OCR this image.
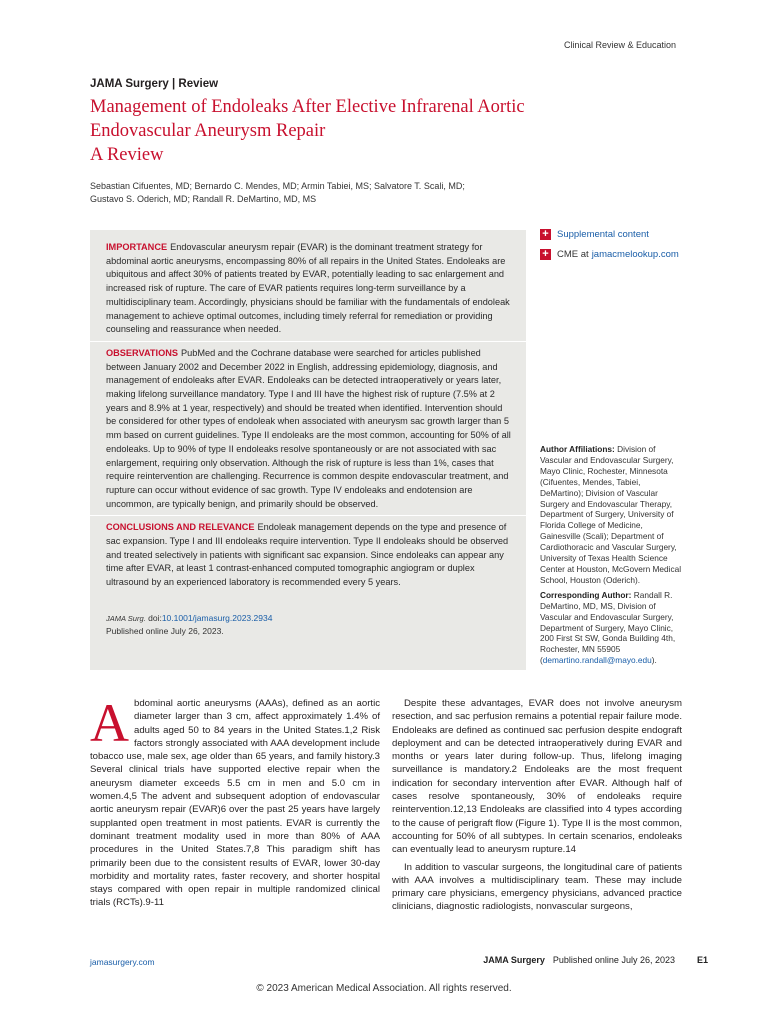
Clinical Review & Education
JAMA Surgery | Review
Management of Endoleaks After Elective Infrarenal Aortic
Endovascular Aneurysm Repair
A Review
Sebastian Cifuentes, MD; Bernardo C. Mendes, MD; Armin Tabiei, MS; Salvatore T. Scali, MD;
Gustavo S. Oderich, MD; Randall R. DeMartino, MD, MS

IMPORTANCE Endovascular aneurysm repair (EVAR) is the dominant treatment strategy for abdominal aortic aneurysms, encompassing 80% of all repairs in the United States. Endoleaks are ubiquitous and affect 30% of patients treated by EVAR, potentially leading to sac enlargement and increased risk of rupture. The care of EVAR patients requires long-term surveillance by a multidisciplinary team. Accordingly, physicians should be familiar with the fundamentals of endoleak management to achieve optimal outcomes, including timely referral for remediation or providing counseling and reassurance when needed.

OBSERVATIONS PubMed and the Cochrane database were searched for articles published between January 2002 and December 2022 in English, addressing epidemiology, diagnosis, and management of endoleaks after EVAR. Endoleaks can be detected intraoperatively or years later, making lifelong surveillance mandatory. Type I and III have the highest risk of rupture (7.5% at 2 years and 8.9% at 1 year, respectively) and should be treated when identified. Intervention should be considered for other types of endoleak when associated with aneurysm sac growth larger than 5 mm based on current guidelines. Type II endoleaks are the most common, accounting for 50% of all endoleaks. Up to 90% of type II endoleaks resolve spontaneously or are not associated with sac enlargement, requiring only observation. Although the risk of rupture is less than 1%, cases that require reintervention are challenging. Recurrence is common despite endovascular treatment, and rupture can occur without evidence of sac growth. Type IV endoleaks and endotension are uncommon, are typically benign, and primarily should be observed.

CONCLUSIONS AND RELEVANCE Endoleak management depends on the type and presence of sac expansion. Type I and III endoleaks require intervention. Type II endoleaks should be observed and treated selectively in patients with significant sac expansion. Since endoleaks can appear any time after EVAR, at least 1 contrast-enhanced computed tomographic angiogram or duplex ultrasound by an experienced laboratory is recommended every 5 years.

JAMA Surg. doi:10.1001/jamasurg.2023.2934
Published online July 26, 2023.
+ Supplemental content
+ CME at jamacmelookup.com

Author Affiliations: Division of Vascular and Endovascular Surgery, Mayo Clinic, Rochester, Minnesota (Cifuentes, Mendes, Tabiei, DeMartino); Division of Vascular Surgery and Endovascular Therapy, Department of Surgery, University of Florida College of Medicine, Gainesville (Scali); Department of Cardiothoracic and Vascular Surgery, University of Texas Health Science Center at Houston, McGovern Medical School, Houston (Oderich).

Corresponding Author: Randall R. DeMartino, MD, MS, Division of Vascular and Endovascular Surgery, Department of Surgery, Mayo Clinic, 200 First St SW, Gonda Building 4th, Rochester, MN 55905 (demartino.randall@mayo.edu).

Abdominal aortic aneurysms (AAAs), defined as an aortic diameter larger than 3 cm, affect approximately 1.4% of adults aged 50 to 84 years in the United States.1,2 Risk factors strongly associated with AAA development include tobacco use, male sex, age older than 65 years, and family history.3 Several clinical trials have supported elective repair when the aneurysm diameter exceeds 5.5 cm in men and 5.0 cm in women.4,5 The advent and subsequent adoption of endovascular aortic aneurysm repair (EVAR)6 over the past 25 years have largely supplanted open treatment in most patients. EVAR is currently the dominant treatment modality used in more than 80% of AAA procedures in the United States.7,8 This paradigm shift has primarily been due to the consistent results of EVAR, lower 30-day morbidity and mortality rates, faster recovery, and shorter hospital stays compared with open repair in multiple randomized clinical trials (RCTs).9-11

Despite these advantages, EVAR does not involve aneurysm resection, and sac perfusion remains a potential repair failure mode. Endoleaks are defined as continued sac perfusion despite endograft deployment and can be detected intraoperatively during EVAR and months or years later during follow-up. Thus, lifelong imaging surveillance is mandatory.2 Endoleaks are the most frequent indication for secondary intervention after EVAR. Although half of cases resolve spontaneously, 30% of endoleaks require reintervention.12,13 Endoleaks are classified into 4 types according to the cause of perigraft flow (Figure 1). Type II is the most common, accounting for 50% of all subtypes. In certain scenarios, endoleaks can eventually lead to aneurysm rupture.14

In addition to vascular surgeons, the longitudinal care of patients with AAA involves a multidisciplinary team. These may include primary care physicians, emergency physicians, advanced practice clinicians, diagnostic radiologists, nonvascular surgeons,

jamasurgery.com	JAMA Surgery Published online July 26, 2023 E1
© 2023 American Medical Association. All rights reserved.
